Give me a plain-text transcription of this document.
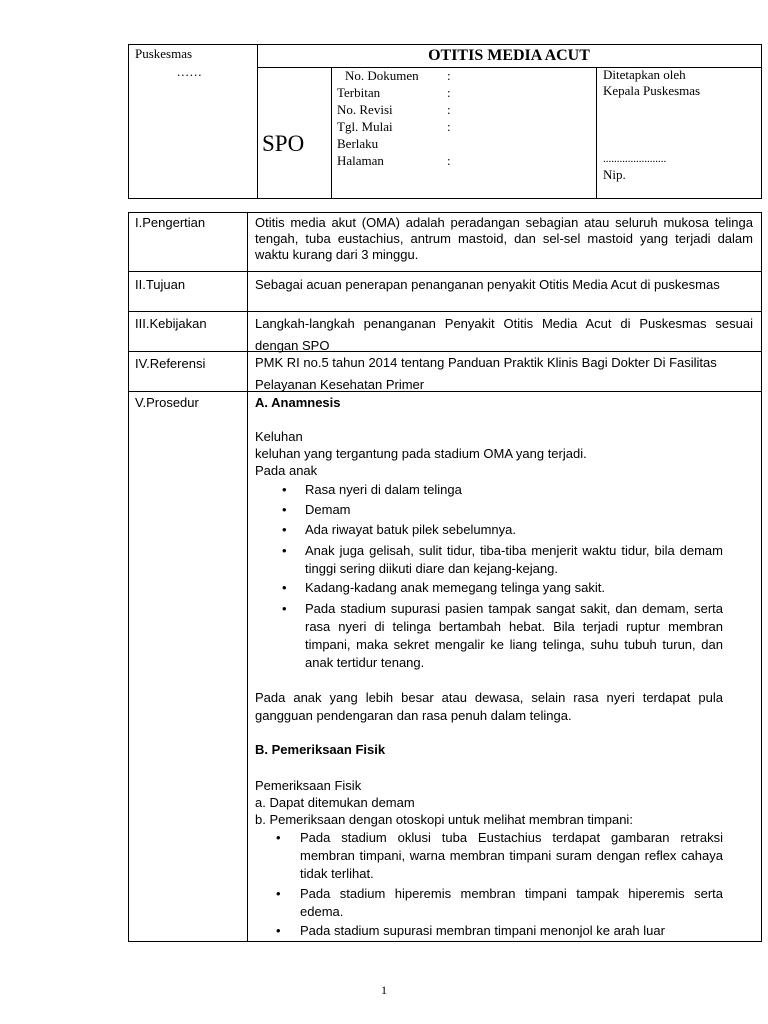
Puskesmas
......
OTITIS MEDIA ACUT
SPO
No. Dokumen :
Terbitan	:
No. Revisi	:
Tgl. Mulai	:
Berlaku
Halaman	:
Ditetapkan oleh
Kepala Puskesmas
.......................
Nip.
I.Pengertian	Otitis media akut (OMA) adalah peradangan sebagian atau seluruh mukosa telinga tengah, tuba eustachius, antrum mastoid, dan sel-sel mastoid yang terjadi dalam waktu kurang dari 3 minggu.
II.Tujuan	Sebagai acuan penerapan penanganan penyakit Otitis Media Acut di puskesmas
III.Kebijakan	Langkah-langkah penanganan Penyakit Otitis Media Acut di Puskesmas sesuai dengan SPO
IV.Referensi	PMK RI no.5 tahun 2014 tentang Panduan Praktik Klinis Bagi Dokter Di Fasilitas Pelayanan Kesehatan Primer
V.Prosedur	A. Anamnesis
Keluhan
keluhan yang tergantung pada stadium OMA yang terjadi.
Pada anak
• Rasa nyeri di dalam telinga
• Demam
• Ada riwayat batuk pilek sebelumnya.
• Anak juga gelisah, sulit tidur, tiba-tiba menjerit waktu tidur, bila demam tinggi sering diikuti diare dan kejang-kejang.
• Kadang-kadang anak memegang telinga yang sakit.
• Pada stadium supurasi pasien tampak sangat sakit, dan demam, serta rasa nyeri di telinga bertambah hebat. Bila terjadi ruptur membran timpani, maka sekret mengalir ke liang telinga, suhu tubuh turun, dan anak tertidur tenang.
Pada anak yang lebih besar atau dewasa, selain rasa nyeri terdapat pula gangguan pendengaran dan rasa penuh dalam telinga.
B. Pemeriksaan Fisik
Pemeriksaan Fisik
a. Dapat ditemukan demam
b. Pemeriksaan dengan otoskopi untuk melihat membran timpani:
• Pada stadium oklusi tuba Eustachius terdapat gambaran retraksi membran timpani, warna membran timpani suram dengan reflex cahaya tidak terlihat.
• Pada stadium hiperemis membran timpani tampak hiperemis serta edema.
• Pada stadium supurasi membran timpani menonjol ke arah luar
1
